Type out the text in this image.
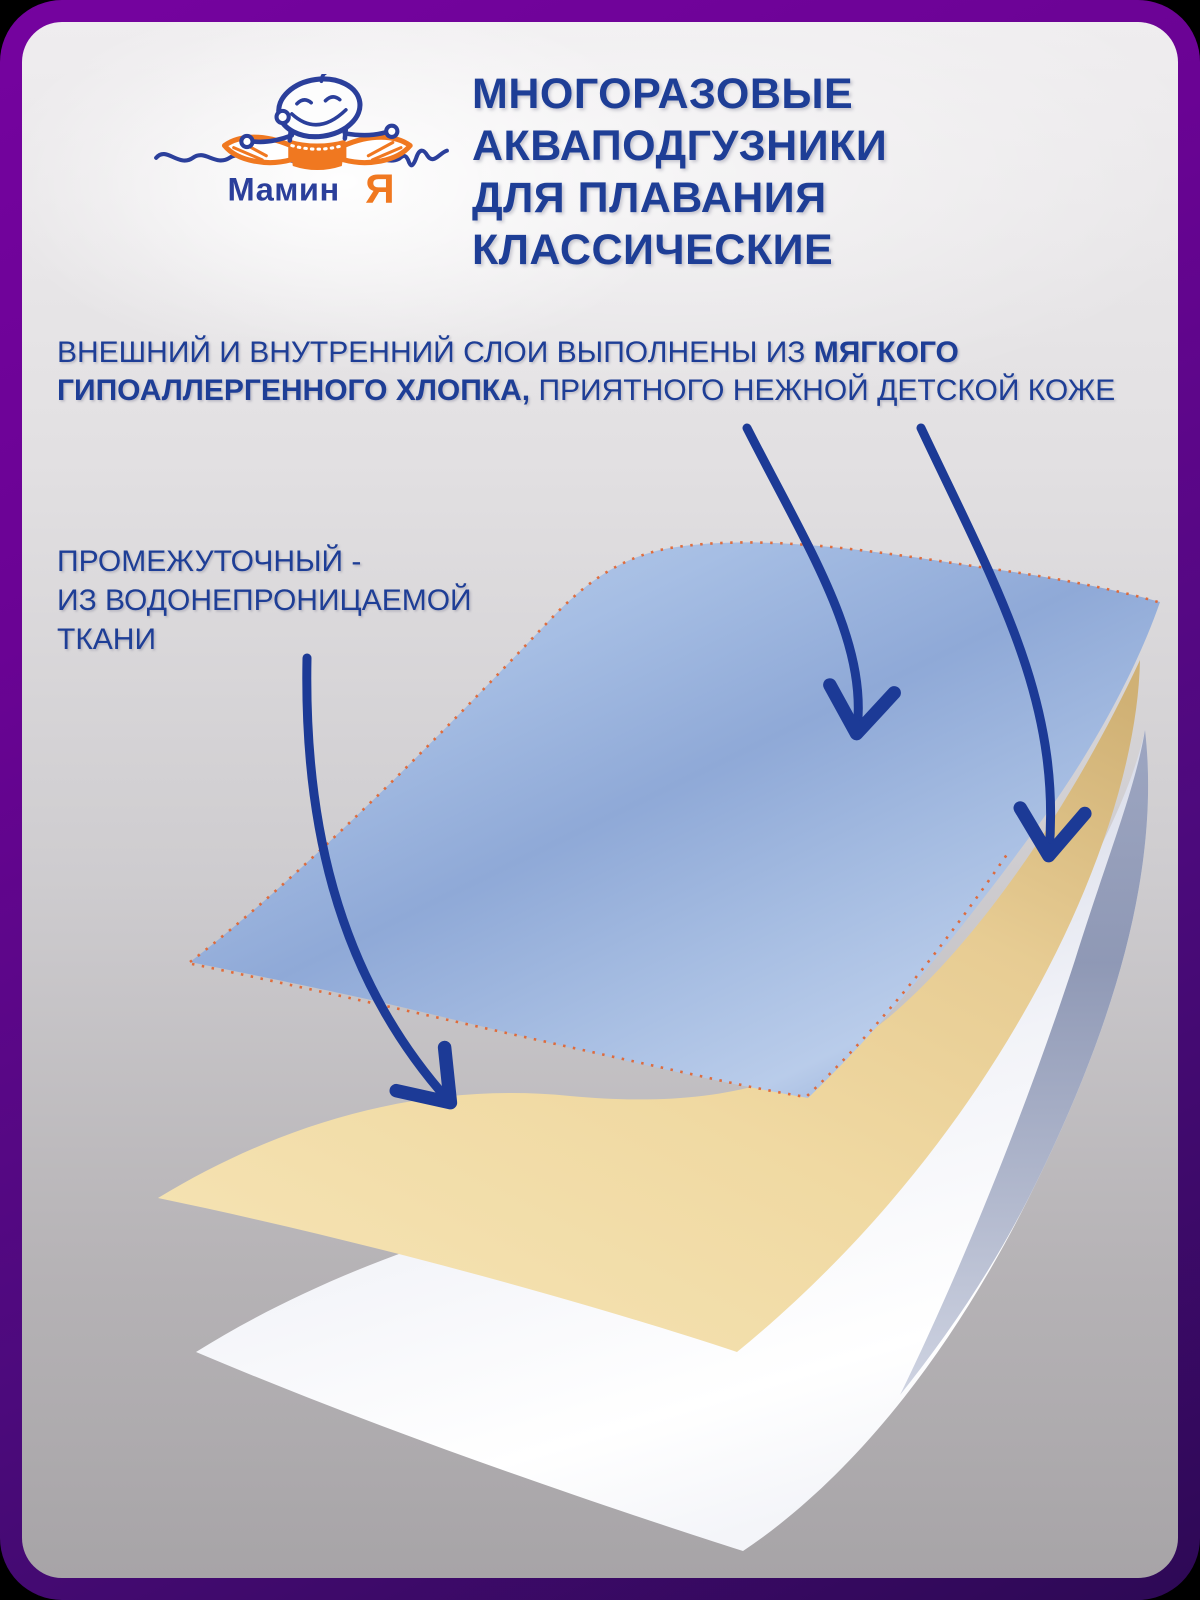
Мамин Я
МНОГОРАЗОВЫЕ
АКВАПОДГУЗНИКИ
ДЛЯ ПЛАВАНИЯ
КЛАССИЧЕСКИЕ
ВНЕШНИЙ И ВНУТРЕННИЙ СЛОИ ВЫПОЛНЕНЫ ИЗ МЯГКОГО
ГИПОАЛЛЕРГЕННОГО ХЛОПКА, ПРИЯТНОГО НЕЖНОЙ ДЕТСКОЙ КОЖЕ
ПРОМЕЖУТОЧНЫЙ -
ИЗ ВОДОНЕПРОНИЦАЕМОЙ
ТКАНИ
